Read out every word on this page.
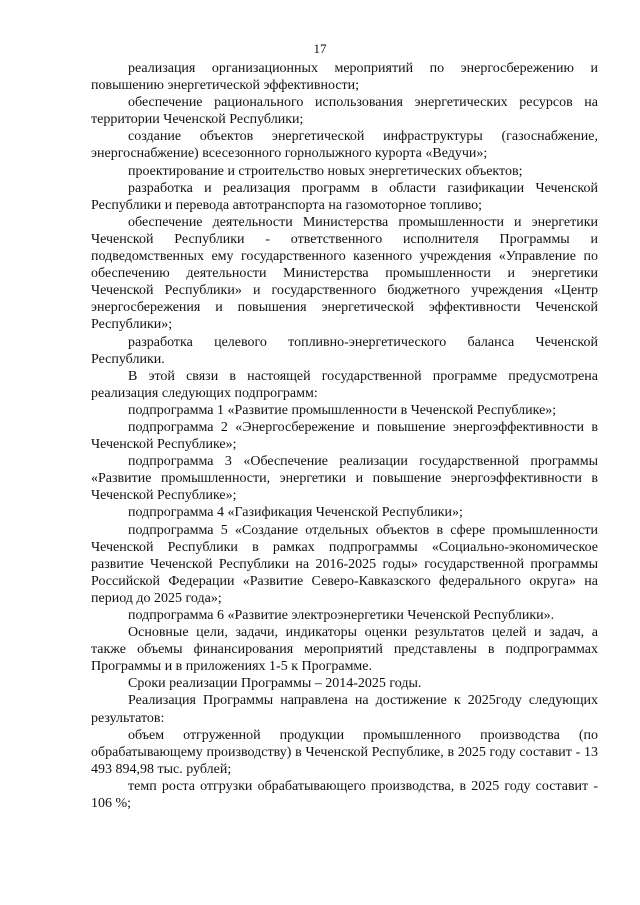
17

реализация организационных мероприятий по энергосбережению и повышению энергетической эффективности;

обеспечение рационального использования энергетических ресурсов на территории Чеченской Республики;

создание объектов энергетической инфраструктуры (газоснабжение, энергоснабжение) всесезонного горнолыжного курорта «Ведучи»;

проектирование и строительство новых энергетических объектов;

разработка и реализация программ в области газификации Чеченской Республики и перевода автотранспорта на газомоторное топливо;

обеспечение деятельности Министерства промышленности и энергетики Чеченской Республики - ответственного исполнителя Программы и подведомственных ему государственного казенного учреждения «Управление по обеспечению деятельности Министерства промышленности и энергетики Чеченской Республики» и государственного бюджетного учреждения «Центр энергосбережения и повышения энергетической эффективности Чеченской Республики»;

разработка целевого топливно-энергетического баланса Чеченской Республики.

В этой связи в настоящей государственной программе предусмотрена реализация следующих подпрограмм:

подпрограмма 1 «Развитие промышленности в Чеченской Республике»;

подпрограмма 2 «Энергосбережение и повышение энергоэффективности в Чеченской Республике»;

подпрограмма 3 «Обеспечение реализации государственной программы «Развитие промышленности, энергетики и повышение энергоэффективности в Чеченской Республике»;

подпрограмма 4 «Газификация Чеченской Республики»;

подпрограмма 5 «Создание отдельных объектов в сфере промышленности Чеченской Республики в рамках подпрограммы «Социально-экономическое развитие Чеченской Республики на 2016-2025 годы» государственной программы Российской Федерации «Развитие Северо-Кавказского федерального округа» на период до 2025 года»;

подпрограмма 6 «Развитие электроэнергетики Чеченской Республики».

Основные цели, задачи, индикаторы оценки результатов целей и задач, а также объемы финансирования мероприятий представлены в подпрограммах Программы и в приложениях 1-5 к Программе.

Сроки реализации Программы – 2014-2025 годы.

Реализация Программы направлена на достижение к 2025году следующих результатов:

объем отгруженной продукции промышленного производства (по обрабатывающему производству) в Чеченской Республике, в 2025 году составит - 13 493 894,98 тыс. рублей;

темп роста отгрузки обрабатывающего производства, в 2025 году составит - 106 %;
